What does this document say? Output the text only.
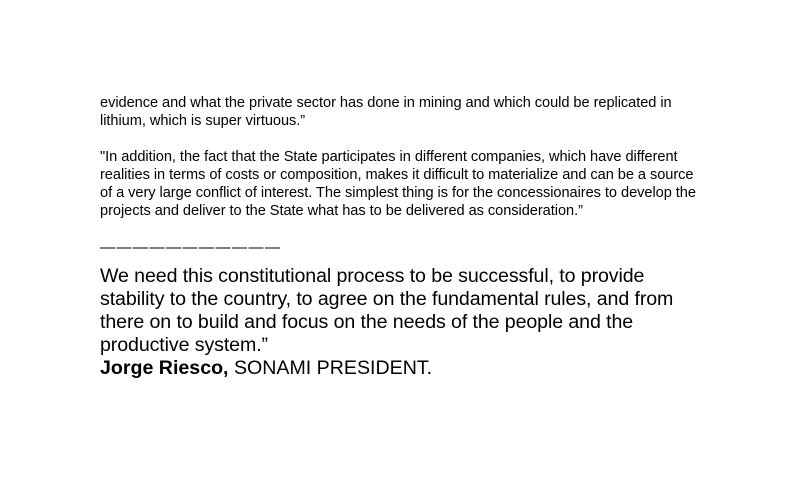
evidence and what the private sector has done in mining and which could be replicated in lithium, which is super virtuous.”

"In addition, the fact that the State participates in different companies, which have different realities in terms of costs or composition, makes it difficult to materialize and can be a source of a very large conflict of interest. The simplest thing is for the concessionaires to develop the projects and deliver to the State what has to be delivered as consideration.”

———————————

We need this constitutional process to be successful, to provide stability to the country, to agree on the fundamental rules, and from there on to build and focus on the needs of the people and the productive system.”

Jorge Riesco, SONAMI PRESIDENT.
